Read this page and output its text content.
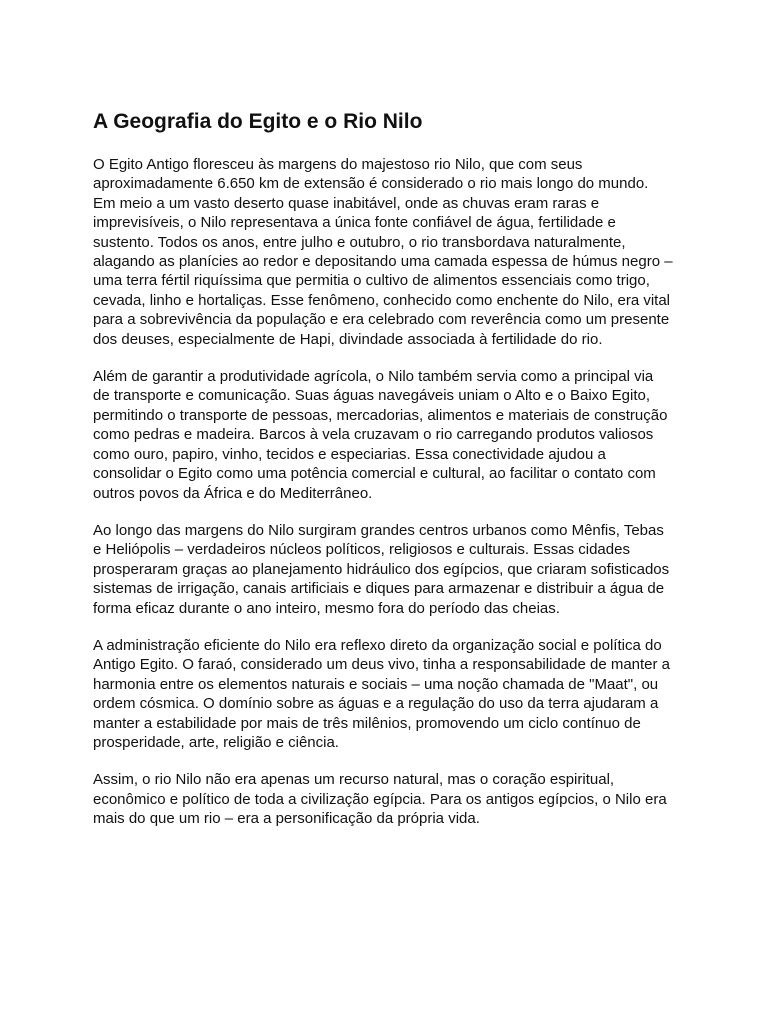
A Geografia do Egito e o Rio Nilo

O Egito Antigo floresceu às margens do majestoso rio Nilo, que com seus aproximadamente 6.650 km de extensão é considerado o rio mais longo do mundo. Em meio a um vasto deserto quase inabitável, onde as chuvas eram raras e imprevisíveis, o Nilo representava a única fonte confiável de água, fertilidade e sustento. Todos os anos, entre julho e outubro, o rio transbordava naturalmente, alagando as planícies ao redor e depositando uma camada espessa de húmus negro – uma terra fértil riquíssima que permitia o cultivo de alimentos essenciais como trigo, cevada, linho e hortaliças. Esse fenômeno, conhecido como enchente do Nilo, era vital para a sobrevivência da população e era celebrado com reverência como um presente dos deuses, especialmente de Hapi, divindade associada à fertilidade do rio.

Além de garantir a produtividade agrícola, o Nilo também servia como a principal via de transporte e comunicação. Suas águas navegáveis uniam o Alto e o Baixo Egito, permitindo o transporte de pessoas, mercadorias, alimentos e materiais de construção como pedras e madeira. Barcos à vela cruzavam o rio carregando produtos valiosos como ouro, papiro, vinho, tecidos e especiarias. Essa conectividade ajudou a consolidar o Egito como uma potência comercial e cultural, ao facilitar o contato com outros povos da África e do Mediterrâneo.

Ao longo das margens do Nilo surgiram grandes centros urbanos como Mênfis, Tebas e Heliópolis – verdadeiros núcleos políticos, religiosos e culturais. Essas cidades prosperaram graças ao planejamento hidráulico dos egípcios, que criaram sofisticados sistemas de irrigação, canais artificiais e diques para armazenar e distribuir a água de forma eficaz durante o ano inteiro, mesmo fora do período das cheias.

A administração eficiente do Nilo era reflexo direto da organização social e política do Antigo Egito. O faraó, considerado um deus vivo, tinha a responsabilidade de manter a harmonia entre os elementos naturais e sociais – uma noção chamada de "Maat", ou ordem cósmica. O domínio sobre as águas e a regulação do uso da terra ajudaram a manter a estabilidade por mais de três milênios, promovendo um ciclo contínuo de prosperidade, arte, religião e ciência.

Assim, o rio Nilo não era apenas um recurso natural, mas o coração espiritual, econômico e político de toda a civilização egípcia. Para os antigos egípcios, o Nilo era mais do que um rio – era a personificação da própria vida.
